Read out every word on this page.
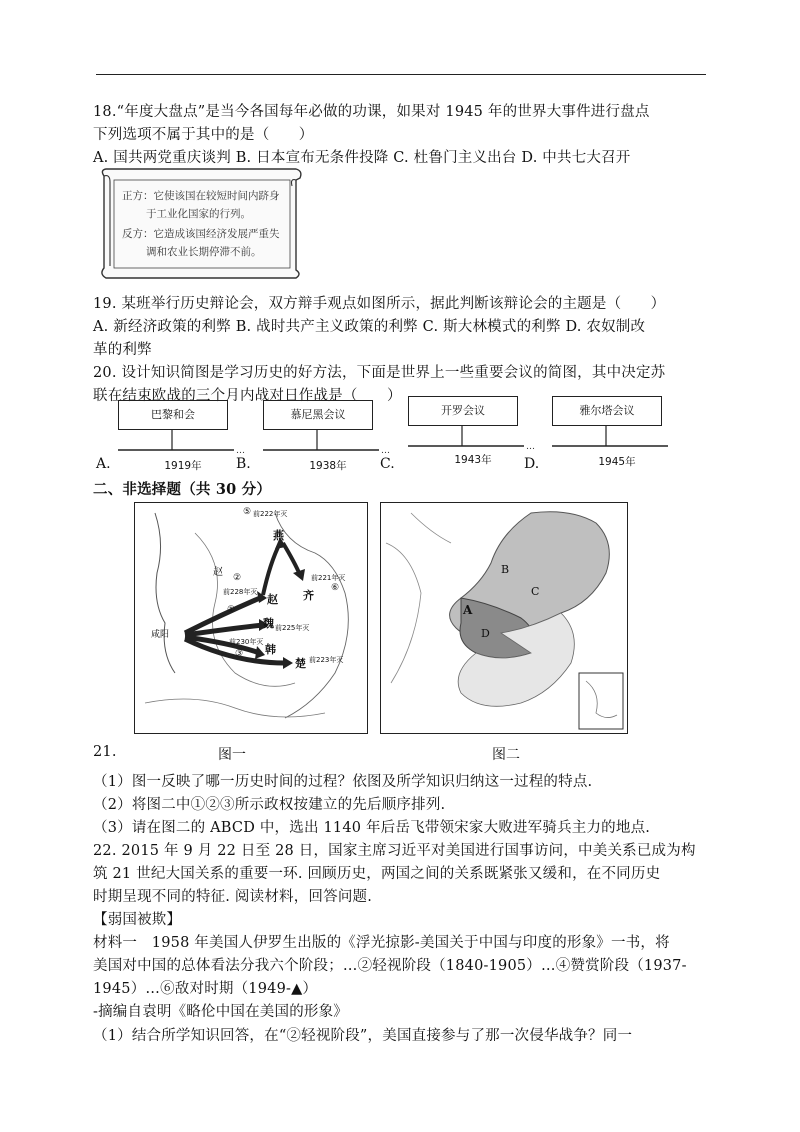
18.“年度大盘点”是当今各国每年必做的功课，如果对 1945 年的世界大事件进行盘点
下列选项不属于其中的是（　　）
A. 国共两党重庆谈判 B. 日本宣布无条件投降 C. 杜鲁门主义出台 D. 中共七大召开
正方：它使该国在较短时间内跻身
于工业化国家的行列。
反方：它造成该国经济发展严重失
调和农业长期停滞不前。
19. 某班举行历史辩论会，双方辩手观点如图所示，据此判断该辩论会的主题是（　　）
A. 新经济政策的利弊 B. 战时共产主义政策的利弊 C. 斯大林模式的利弊 D. 农奴制改
革的利弊
20. 设计知识简图是学习历史的好方法，下面是世界上一些重要会议的简图，其中决定苏
联在结束欧战的三个月内战对日作战是（　　）
巴黎和会
…
1919年
慕尼黑会议
…
1938年
开罗会议
…
1943年
雅尔塔会议
1945年
A.	B.	C.	D.
二、非选择题（共 30 分）
咸阳
燕
赵
魏
韩
楚
齐
赵
前222年灭
前228年灭
前225年灭
前230年灭
前223年灭
前221年灭
⑤
②
①
③
⑥
A
B
C
D
21.	图一	图二
（1）图一反映了哪一历史时间的过程？依图及所学知识归纳这一过程的特点.
（2）将图二中①②③所示政权按建立的先后顺序排列.
（3）请在图二的 ABCD 中，选出 1140 年后岳飞带领宋家大败进军骑兵主力的地点.
22. 2015 年 9 月 22 日至 28 日，国家主席习近平对美国进行国事访问，中美关系已成为构
筑 21 世纪大国关系的重要一环. 回顾历史，两国之间的关系既紧张又缓和，在不同历史
时期呈现不同的特征. 阅读材料，回答问题.
【弱国被欺】
材料一　1958 年美国人伊罗生出版的《浮光掠影-美国关于中国与印度的形象》一书，将
美国对中国的总体看法分我六个阶段；…②轻视阶段（1840-1905）…④赞赏阶段（1937-
1945）…⑥敌对时期（1949-▲）
-摘编自袁明《略伦中国在美国的形象》
（1）结合所学知识回答，在“②轻视阶段”，美国直接参与了那一次侵华战争？同一
